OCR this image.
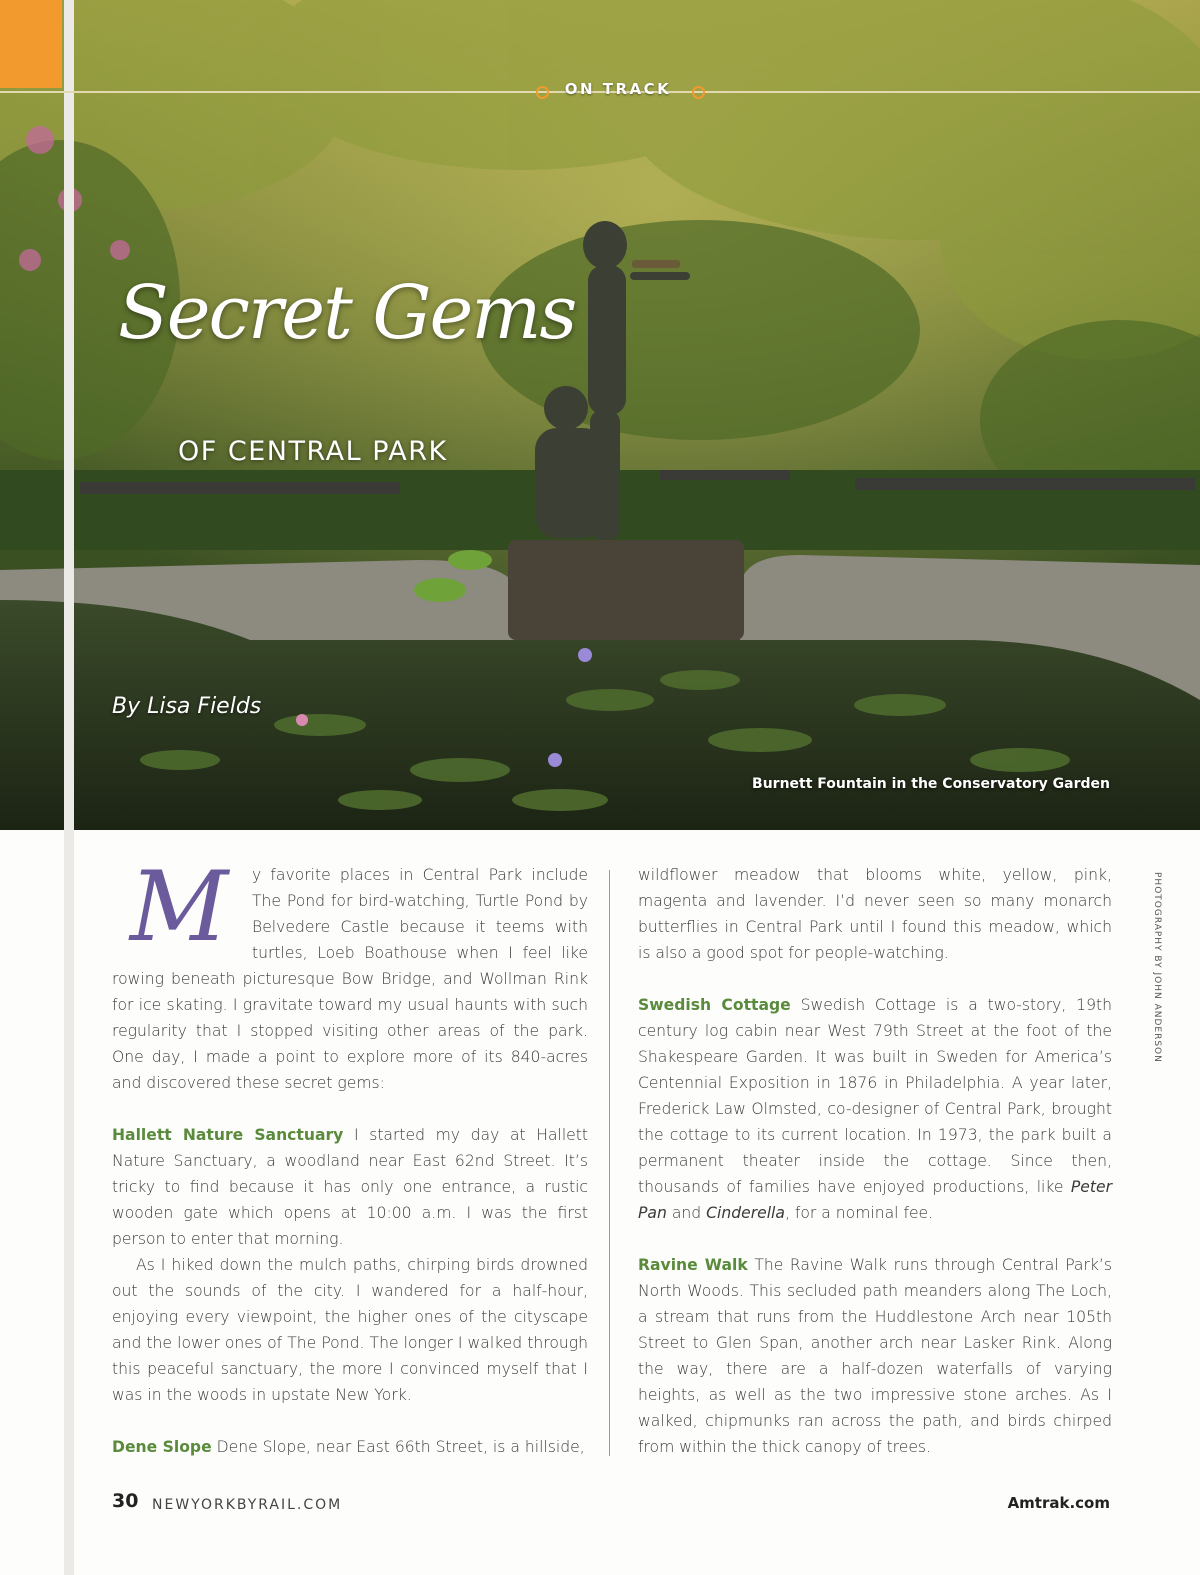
ON TRACK
Secret Gems
OF CENTRAL PARK
By Lisa Fields
Burnett Fountain in the Conservatory Garden

M	y favorite places in Central Park include The Pond for bird-watching, Turtle Pond by Belvedere Castle because it teems with turtles, Loeb Boathouse when I feel like rowing beneath picturesque Bow Bridge, and Wollman Rink for ice skating. I gravitate toward my usual haunts with such regularity that I stopped visiting other areas of the park. One day, I made a point to explore more of its 840-acres and discovered these secret gems:

Hallett Nature Sanctuary I started my day at Hallett Nature Sanctuary, a woodland near East 62nd Street. It’s tricky to find because it has only one entrance, a rustic wooden gate which opens at 10:00 a.m. I was the first person to enter that morning.

As I hiked down the mulch paths, chirping birds drowned out the sounds of the city. I wandered for a half-hour, enjoying every viewpoint, the higher ones of the cityscape and the lower ones of The Pond. The longer I walked through this peaceful sanctuary, the more I convinced myself that I was in the woods in upstate New York.

Dene Slope Dene Slope, near East 66th Street, is a hillside,

wildflower meadow that blooms white, yellow, pink, magenta and lavender. I’d never seen so many monarch butterflies in Central Park until I found this meadow, which is also a good spot for people-watching.

Swedish Cottage Swedish Cottage is a two-story, 19th century log cabin near West 79th Street at the foot of the Shakespeare Garden. It was built in Sweden for America’s Centennial Exposition in 1876 in Philadelphia. A year later, Frederick Law Olmsted, co-designer of Central Park, brought the cottage to its current location. In 1973, the park built a permanent theater inside the cottage. Since then, thousands of families have enjoyed productions, like Peter Pan and Cinderella, for a nominal fee.

Ravine Walk The Ravine Walk runs through Central Park’s North Woods. This secluded path meanders along The Loch, a stream that runs from the Huddlestone Arch near 105th Street to Glen Span, another arch near Lasker Rink. Along the way, there are a half-dozen waterfalls of varying heights, as well as the two impressive stone arches. As I walked, chipmunks ran across the path, and birds chirped from within the thick canopy of trees.

PHOTOGRAPHY BY JOHN ANDERSON
30 NEWYORKBYRAIL.COM	Amtrak.com
